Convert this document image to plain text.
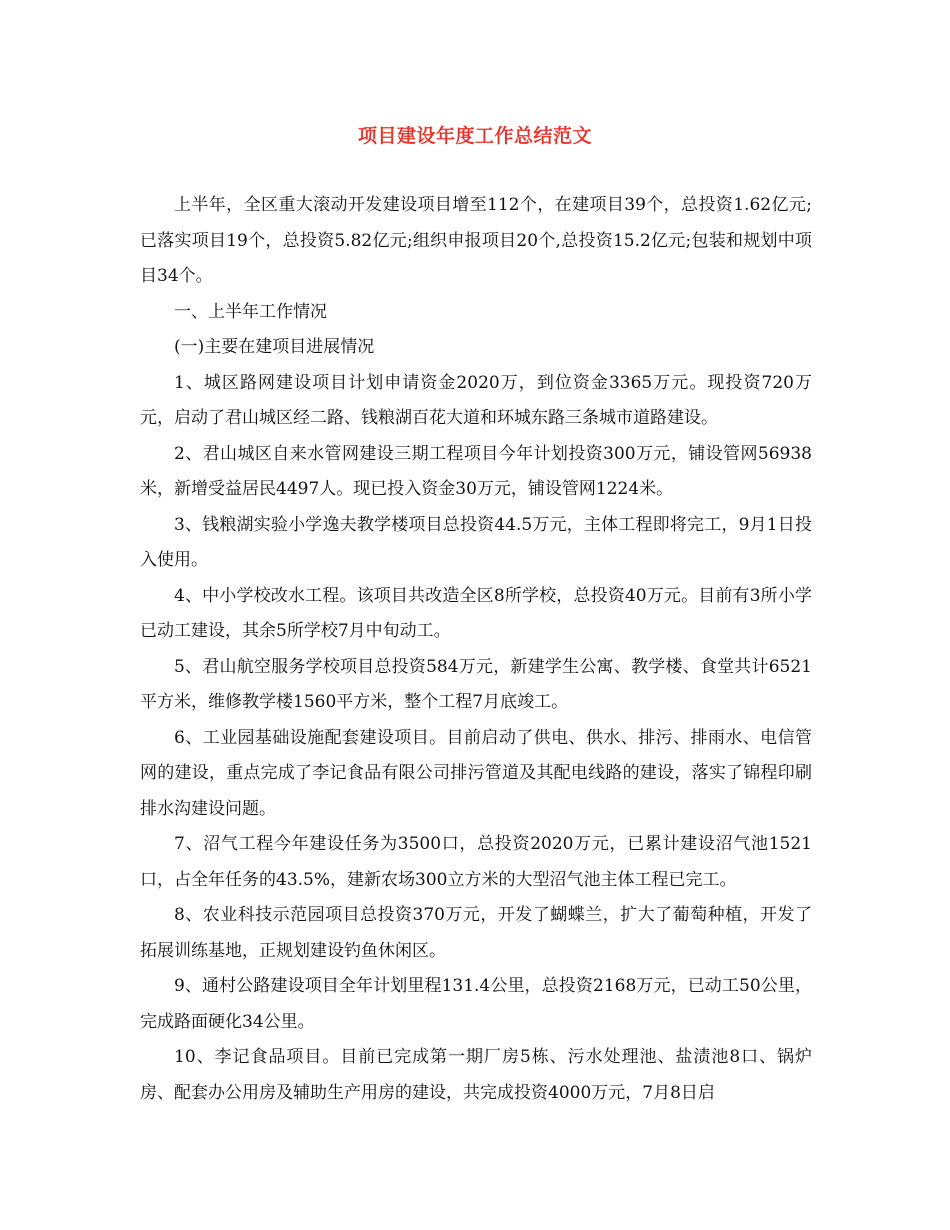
项目建设年度工作总结范文

上半年，全区重大滚动开发建设项目增至112个，在建项目39个，总投资1.62亿元;已落实项目19个，总投资5.82亿元;组织申报项目20个,总投资15.2亿元;包装和规划中项目34个。

一、上半年工作情况

(一)主要在建项目进展情况

1、城区路网建设项目计划申请资金2020万，到位资金3365万元。现投资720万元，启动了君山城区经二路、钱粮湖百花大道和环城东路三条城市道路建设。

2、君山城区自来水管网建设三期工程项目今年计划投资300万元，铺设管网56938米，新增受益居民4497人。现已投入资金30万元，铺设管网1224米。

3、钱粮湖实验小学逸夫教学楼项目总投资44.5万元，主体工程即将完工，9月1日投入使用。

4、中小学校改水工程。该项目共改造全区8所学校，总投资40万元。目前有3所小学已动工建设，其余5所学校7月中旬动工。

5、君山航空服务学校项目总投资584万元，新建学生公寓、教学楼、食堂共计6521平方米，维修教学楼1560平方米，整个工程7月底竣工。

6、工业园基础设施配套建设项目。目前启动了供电、供水、排污、排雨水、电信管网的建设，重点完成了李记食品有限公司排污管道及其配电线路的建设，落实了锦程印刷排水沟建设问题。

7、沼气工程今年建设任务为3500口，总投资2020万元，已累计建设沼气池1521口，占全年任务的43.5%，建新农场300立方米的大型沼气池主体工程已完工。

8、农业科技示范园项目总投资370万元，开发了蝴蝶兰，扩大了葡萄种植，开发了拓展训练基地，正规划建设钓鱼休闲区。

9、通村公路建设项目全年计划里程131.4公里，总投资2168万元，已动工50公里，完成路面硬化34公里。

10、李记食品项目。目前已完成第一期厂房5栋、污水处理池、盐渍池8口、锅炉房、配套办公用房及辅助生产用房的建设，共完成投资4000万元，7月8日启
